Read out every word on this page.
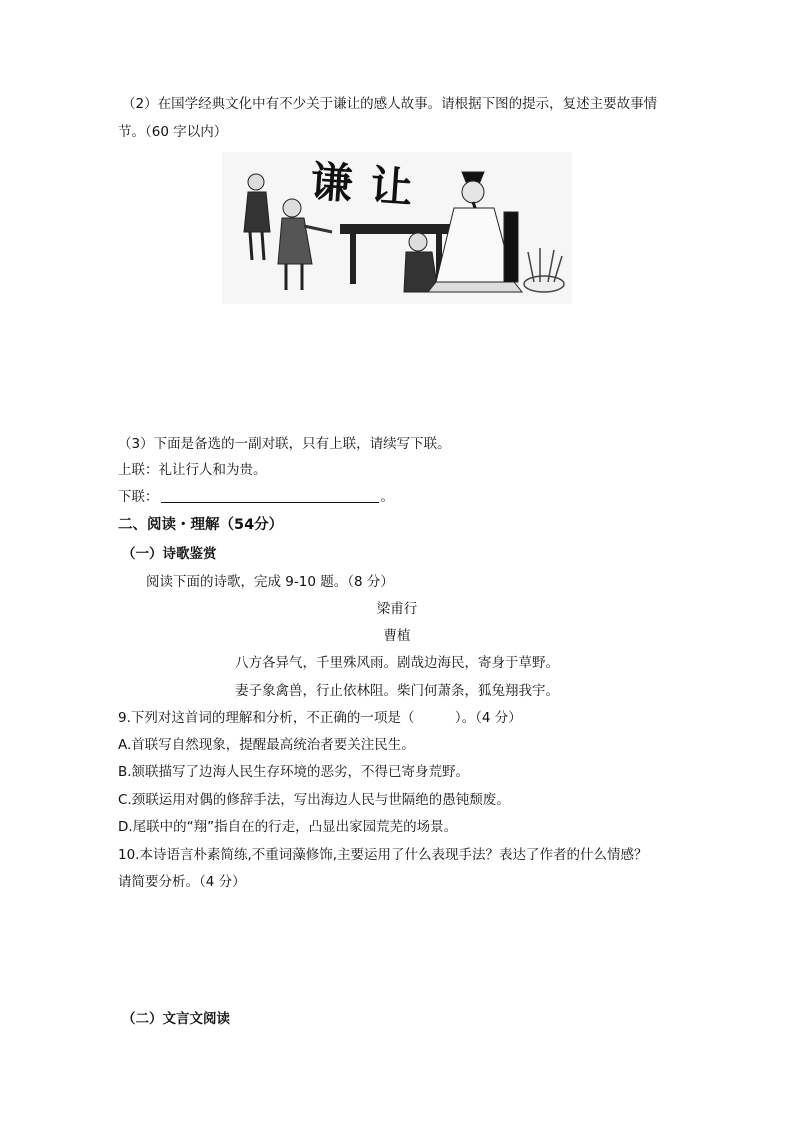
（2）在国学经典文化中有不少关于谦让的感人故事。请根据下图的提示，复述主要故事情
节。（60 字以内）
谦让
（3）下面是备选的一副对联，只有上联，请续写下联。
上联：礼让行人和为贵。
下联：	。
二、阅读・理解（54分）
（一）诗歌鉴赏
阅读下面的诗歌，完成 9-10 题。（8 分）
梁甫行
曹植
八方各异气，千里殊风雨。剧哉边海民，寄身于草野。
妻子象禽兽，行止依林阻。柴门何萧条，狐兔翔我宇。
9.下列对这首词的理解和分析，不正确的一项是（　　　）。（4 分）
A.首联写自然现象，提醒最高统治者要关注民生。
B.颔联描写了边海人民生存环境的恶劣，不得已寄身荒野。
C.颈联运用对偶的修辞手法，写出海边人民与世隔绝的愚钝颓废。
D.尾联中的“翔”指自在的行走，凸显出家园荒芜的场景。
10.本诗语言朴素简练,不重词藻修饰,主要运用了什么表现手法？表达了作者的什么情感？
请简要分析。（4 分）
（二）文言文阅读
